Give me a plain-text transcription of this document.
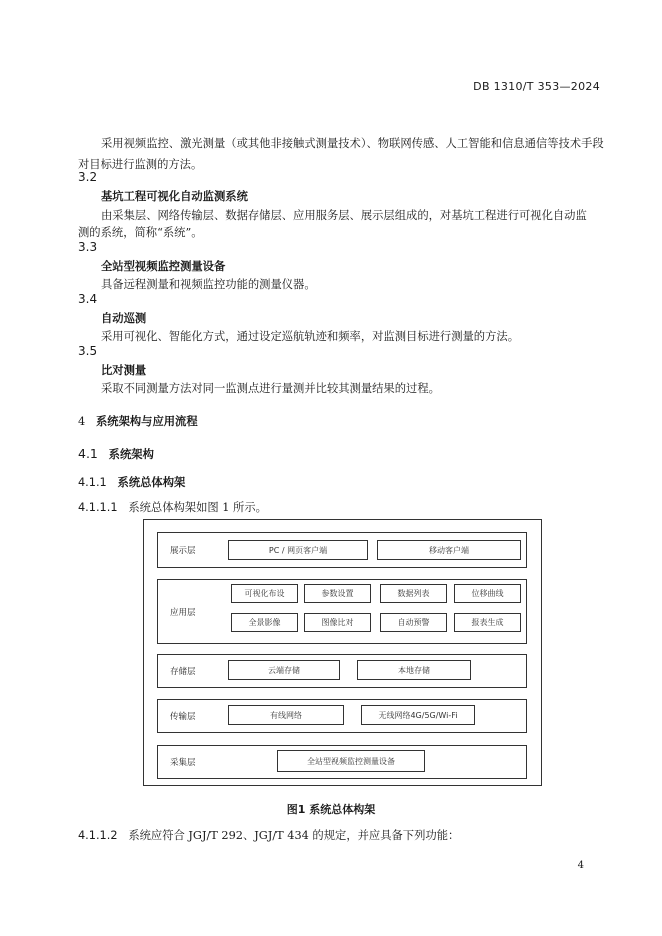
DB 1310/T 353—2024
采用视频监控、激光测量（或其他非接触式测量技术）、物联网传感、人工智能和信息通信等技术手段对目标进行监测的方法。
3.2
基坑工程可视化自动监测系统
由采集层、网络传输层、数据存储层、应用服务层、展示层组成的，对基坑工程进行可视化自动监
测的系统，简称“系统”。
3.3
全站型视频监控测量设备
具备远程测量和视频监控功能的测量仪器。
3.4
自动巡测
采用可视化、智能化方式，通过设定巡航轨迹和频率，对监测目标进行测量的方法。
3.5
比对测量
采取不同测量方法对同一监测点进行量测并比较其测量结果的过程。
4 系统架构与应用流程
4.1 系统架构
4.1.1 系统总体构架
4.1.1.1 系统总体构架如图 1 所示。
展示层	PC / 网页客户端	移动客户端
应用层
可视化布设	参数设置	数据列表	位移曲线
全景影像	图像比对	自动预警	报表生成
存储层	云端存储	本地存储
传输层	有线网络	无线网络4G/5G/Wi-Fi
采集层	全站型视频监控测量设备
图1 系统总体构架
4.1.1.2 系统应符合 JGJ/T 292、JGJ/T 434 的规定，并应具备下列功能：
4
